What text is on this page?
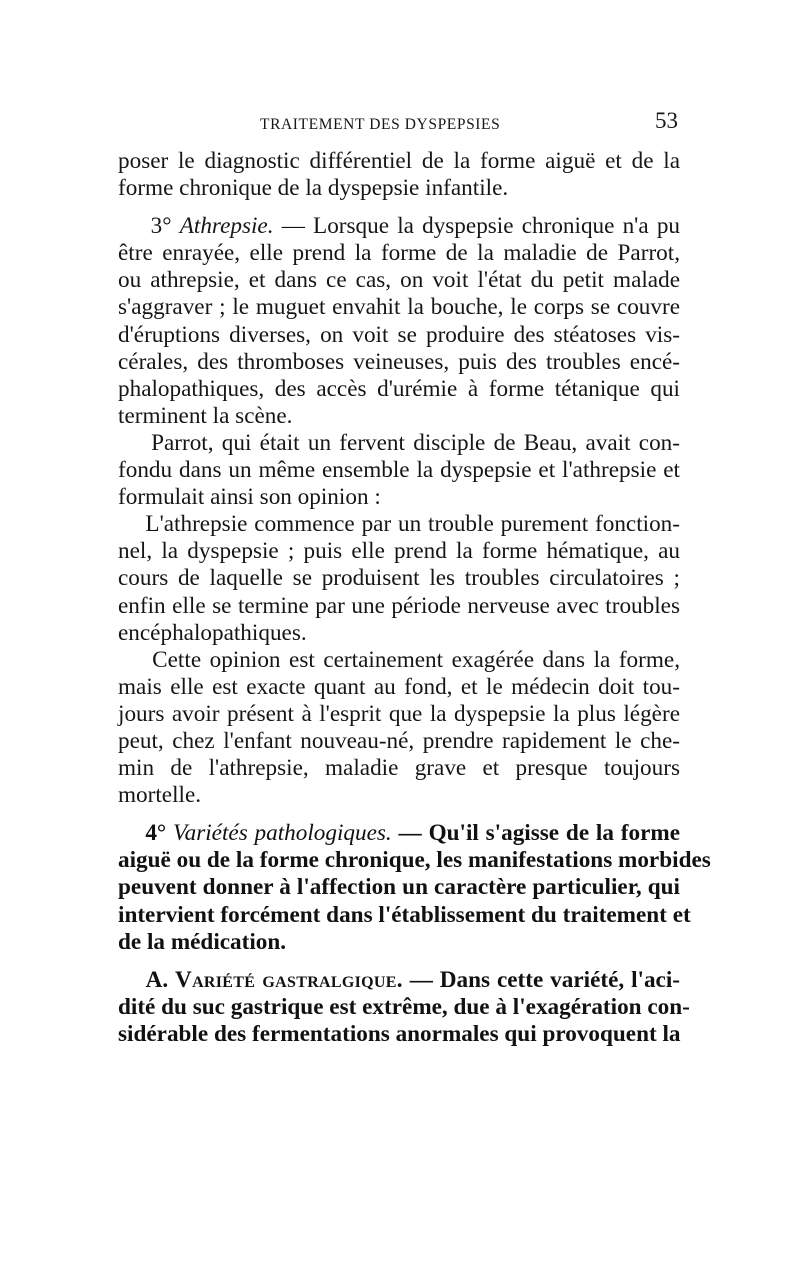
TRAITEMENT DES DYSPEPSIES	53

poser le diagnostic différentiel de la forme aiguë et de la
forme chronique de la dyspepsie infantile.

3° Athrepsie. — Lorsque la dyspepsie chronique n'a pu
être enrayée, elle prend la forme de la maladie de Parrot,
ou athrepsie, et dans ce cas, on voit l'état du petit malade
s'aggraver ; le muguet envahit la bouche, le corps se couvre
d'éruptions diverses, on voit se produire des stéatoses vis-
cérales, des thromboses veineuses, puis des troubles encé-
phalopathiques, des accès d'urémie à forme tétanique qui
terminent la scène.

Parrot, qui était un fervent disciple de Beau, avait con-
fondu dans un même ensemble la dyspepsie et l'athrepsie et
formulait ainsi son opinion :

L'athrepsie commence par un trouble purement fonction-
nel, la dyspepsie ; puis elle prend la forme hématique, au
cours de laquelle se produisent les troubles circulatoires ;
enfin elle se termine par une période nerveuse avec troubles
encéphalopathiques.

Cette opinion est certainement exagérée dans la forme,
mais elle est exacte quant au fond, et le médecin doit tou-
jours avoir présent à l'esprit que la dyspepsie la plus légère
peut, chez l'enfant nouveau-né, prendre rapidement le che-
min de l'athrepsie, maladie grave et presque toujours
mortelle.

4° Variétés pathologiques. — Qu'il s'agisse de la forme
aiguë ou de la forme chronique, les manifestations morbides
peuvent donner à l'affection un caractère particulier, qui
intervient forcément dans l'établissement du traitement et
de la médication.

A. Variété gastralgique. — Dans cette variété, l'aci-
dité du suc gastrique est extrême, due à l'exagération con-
sidérable des fermentations anormales qui provoquent la
